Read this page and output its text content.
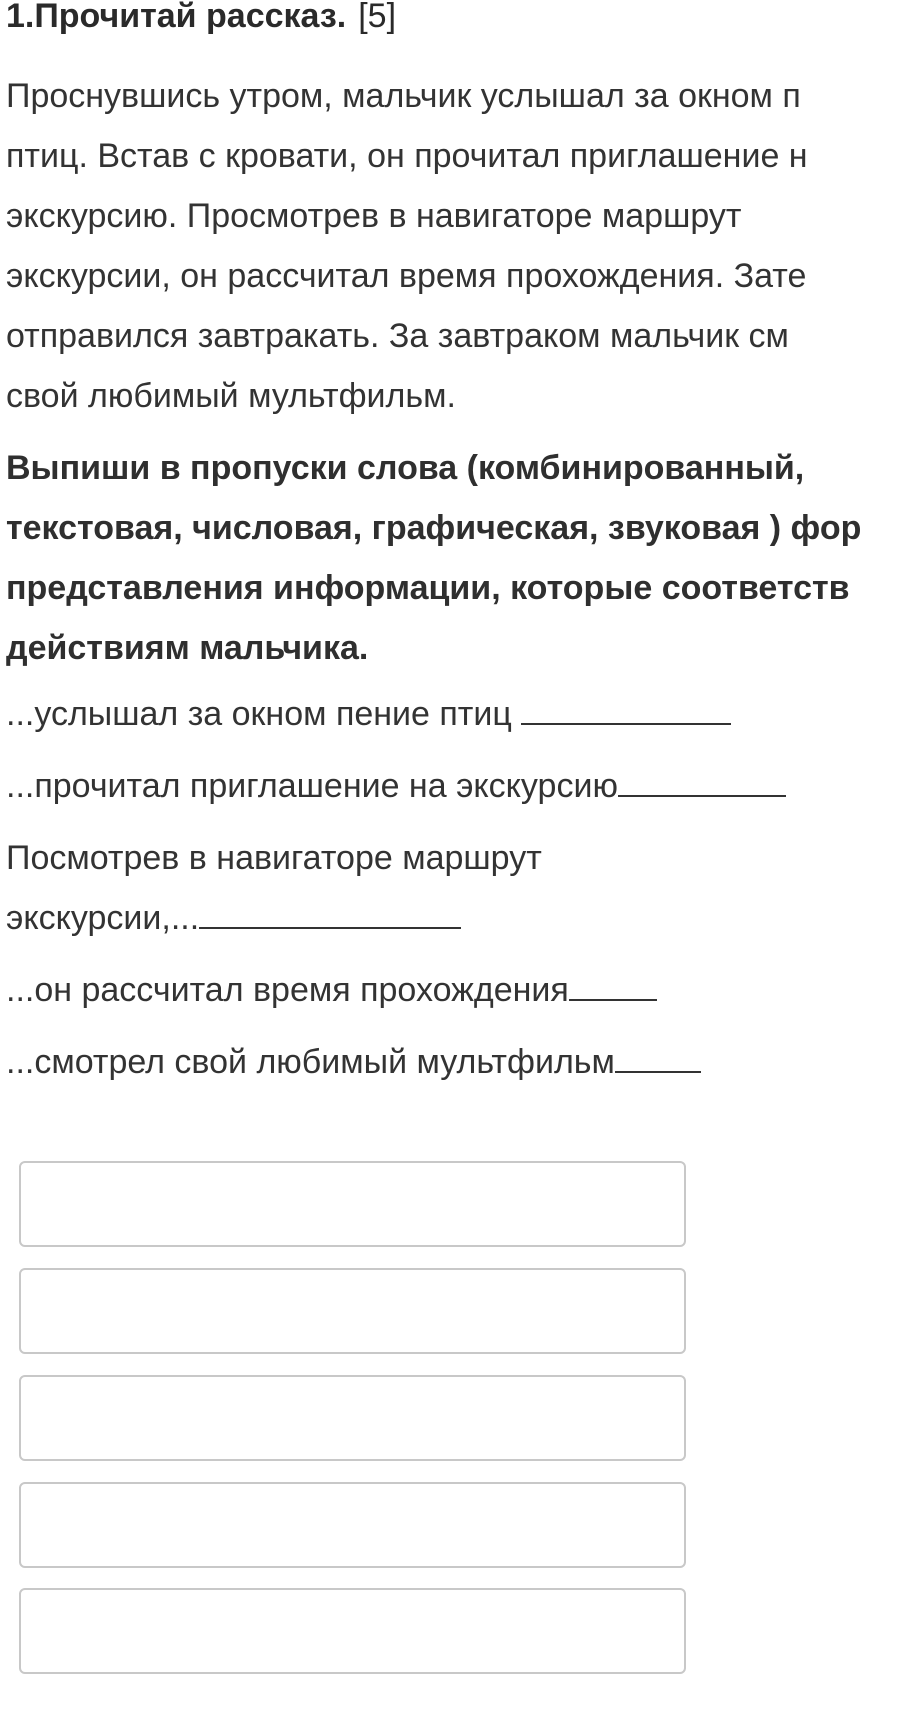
1.Прочитай рассказ. [5]
Проснувшись утром, мальчик услышал за окном п
птиц. Встав с кровати, он прочитал приглашение н
экскурсию. Просмотрев в навигаторе маршрут
экскурсии, он рассчитал время прохождения. Зате
отправился завтракать. За завтраком мальчик см
свой любимый мультфильм.
Выпиши в пропуски слова (комбинированный,
текстовая, числовая, графическая, звуковая ) фор
представления информации, которые соответств
действиям мальчика.
...услышал за окном пение птиц
...прочитал приглашение на экскурсию
Посмотрев в навигаторе маршрут
экскурсии,...
...он рассчитал время прохождения
...смотрел свой любимый мультфильм
